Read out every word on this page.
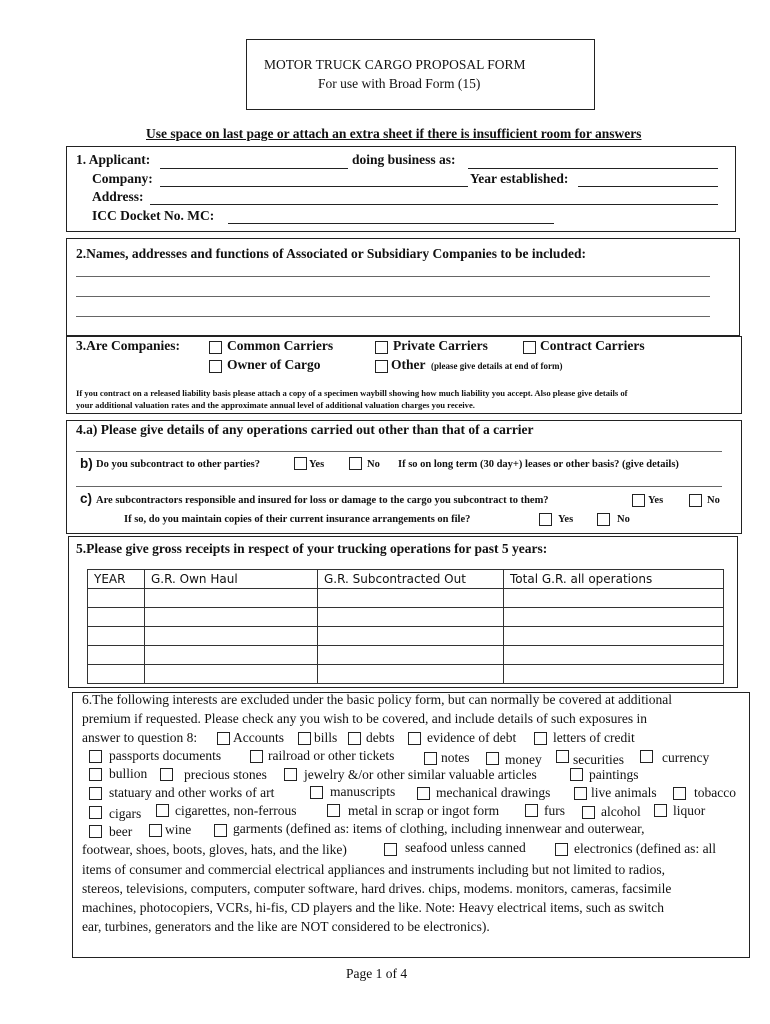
MOTOR TRUCK CARGO PROPOSAL FORM
For use with Broad Form (15)
Use space on last page or attach an extra sheet if there is insufficient room for answers
1. Applicant:	doing business as:
Company:	Year established:
Address:
ICC Docket No. MC:
2.Names, addresses and functions of Associated or Subsidiary Companies to be included:
3.Are Companies:	Common Carriers	Private Carriers	Contract Carriers
Owner of Cargo	Other (please give details at end of form)
If you contract on a released liability basis please attach a copy of a specimen waybill showing how much liability you accept. Also please give details of
your additional valuation rates and the approximate annual level of additional valuation charges you receive.
4.a) Please give details of any operations carried out other than that of a carrier
b) Do you subcontract to other parties?	Yes	No If so on long term (30 day+) leases or other basis? (give details)
c) Are subcontractors responsible and insured for loss or damage to the cargo you subcontract to them?	Yes	No
If so, do you maintain copies of their current insurance arrangements on file?	Yes	No
5.Please give gross receipts in respect of your trucking operations for past 5 years:
YEAR	G.R. Own Haul	G.R. Subcontracted Out	Total G.R. all operations

6.The following interests are excluded under the basic policy form, but can normally be covered at additional
premium if requested. Please check any you wish to be covered, and include details of such exposures in
answer to question 8:	Accounts bills debts evidence of debt	letters of credit
passports documents	railroad or other tickets	notes	money securities	currency
bullion	precious stones	jewelry &/or other similar valuable articles	paintings
statuary and other works of art	manuscripts	mechanical drawings	live animals	tobacco
cigars	cigarettes, non-ferrous	metal in scrap or ingot form	furs	alcohol liquor
beer wine	garments (defined as: items of clothing, including innenwear and outerwear,
footwear, shoes, boots, gloves, hats, and the like)	seafood unless canned	electronics (defined as: all
items of consumer and commercial electrical appliances and instruments including but not limited to radios,
stereos, televisions, computers, computer software, hard drives. chips, modems. monitors, cameras, facsimile
machines, photocopiers, VCRs, hi-fis, CD players and the like. Note: Heavy electrical items, such as switch
ear, turbines, generators and the like are NOT considered to be electronics).
Page 1 of 4
